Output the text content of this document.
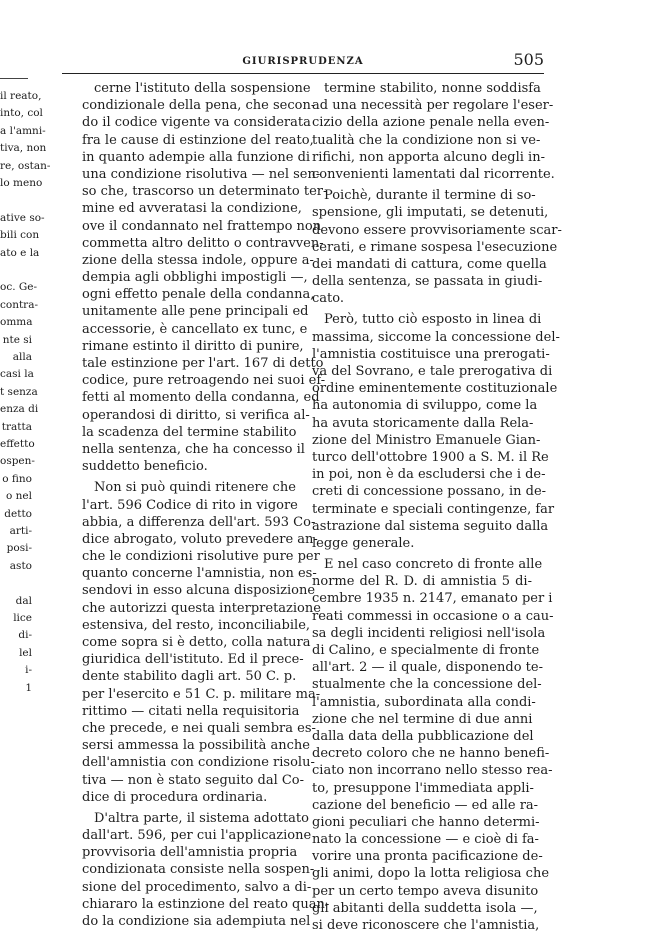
GIURISPRUDENZA	505
il reato,
into, col
a l'amni-
tiva, non
re, ostan-
lo meno
ative so-
bili con
ato e la
oc. Ge-
contra-
omma
nte si
alla
casi la
t senza
enza di
tratta
effetto
ospen-
o fino
o nel
detto
arti-
posi-
asto
dal
lice
di-
lel
i-
1
cerne l'istituto della sospensione
condizionale della pena, che secon-
do il codice vigente va considerata
fra le cause di estinzione del reato,
in quanto adempie alla funzione di
una condizione risolutiva — nel sen-
so che, trascorso un determinato ter-
mine ed avveratasi la condizione,
ove il condannato nel frattempo non
commetta altro delitto o contravven-
zione della stessa indole, oppure a-
dempia agli obblighi impostigli —,
ogni effetto penale della condanna,
unitamente alle pene principali ed
accessorie, è cancellato ex tunc, e
rimane estinto il diritto di punire,
tale estinzione per l'art. 167 di detto
codice, pure retroagendo nei suoi ef-
fetti al momento della condanna, ed
operandosi di diritto, si verifica al-
la scadenza del termine stabilito
nella sentenza, che ha concesso il
suddetto beneficio.
Non si può quindi ritenere che
l'art. 596 Codice di rito in vigore
abbia, a differenza dell'art. 593 Co-
dice abrogato, voluto prevedere an-
che le condizioni risolutive pure per
quanto concerne l'amnistia, non es-
sendovi in esso alcuna disposizione
che autorizzi questa interpretazione
estensiva, del resto, inconciliabile,
come sopra si è detto, colla natura
giuridica dell'istituto. Ed il prece-
dente stabilito dagli art. 50 C. p.
per l'esercito e 51 C. p. militare ma-
rittimo — citati nella requisitoria
che precede, e nei quali sembra es-
sersi ammessa la possibilità anche
dell'amnistia con condizione risolu-
tiva — non è stato seguito dal Co-
dice di procedura ordinaria.
D'altra parte, il sistema adottato
dall'art. 596, per cui l'applicazione
provvisoria dell'amnistia propria
condizionata consiste nella sospen-
sione del procedimento, salvo a di-
chiararo la estinzione del reato quan-
do la condizione sia adempiuta nel
termine stabilito, nonne soddisfa
ad una necessità per regolare l'eser-
cizio della azione penale nella even-
tualità che la condizione non si ve-
rifichi, non apporta alcuno degli in-
convenienti lamentati dal ricorrente.
Poichè, durante il termine di so-
spensione, gli imputati, se detenuti,
devono essere provvisoriamente scar-
cerati, e rimane sospesa l'esecuzione
dei mandati di cattura, come quella
della sentenza, se passata in giudi-
cato.
Però, tutto ciò esposto in linea di
massima, siccome la concessione del-
l'amnistia costituisce una prerogati-
va del Sovrano, e tale prerogativa di
ordine eminentemente costituzionale
ha autonomia di sviluppo, come la
ha avuta storicamente dalla Rela-
zione del Ministro Emanuele Gian-
turco dell'ottobre 1900 a S. M. il Re
in poi, non è da escludersi che i de-
creti di concessione possano, in de-
terminate e speciali contingenze, far
astrazione dal sistema seguito dalla
legge generale.
E nel caso concreto di fronte alle
norme del R. D. di amnistia 5 di-
cembre 1935 n. 2147, emanato per i
reati commessi in occasione o a cau-
sa degli incidenti religiosi nell'isola
di Calino, e specialmente di fronte
all'art. 2 — il quale, disponendo te-
stualmente che la concessione del-
l'amnistia, subordinata alla condi-
zione che nel termine di due anni
dalla data della pubblicazione del
decreto coloro che ne hanno benefi-
ciato non incorrano nello stesso rea-
to, presuppone l'immediata appli-
cazione del beneficio — ed alle ra-
gioni peculiari che hanno determi-
nato la concessione — e cioè di fa-
vorire una pronta pacificazione de-
gli animi, dopo la lotta religiosa che
per un certo tempo aveva disunito
gli abitanti della suddetta isola —,
si deve riconoscere che l'amnistia,
